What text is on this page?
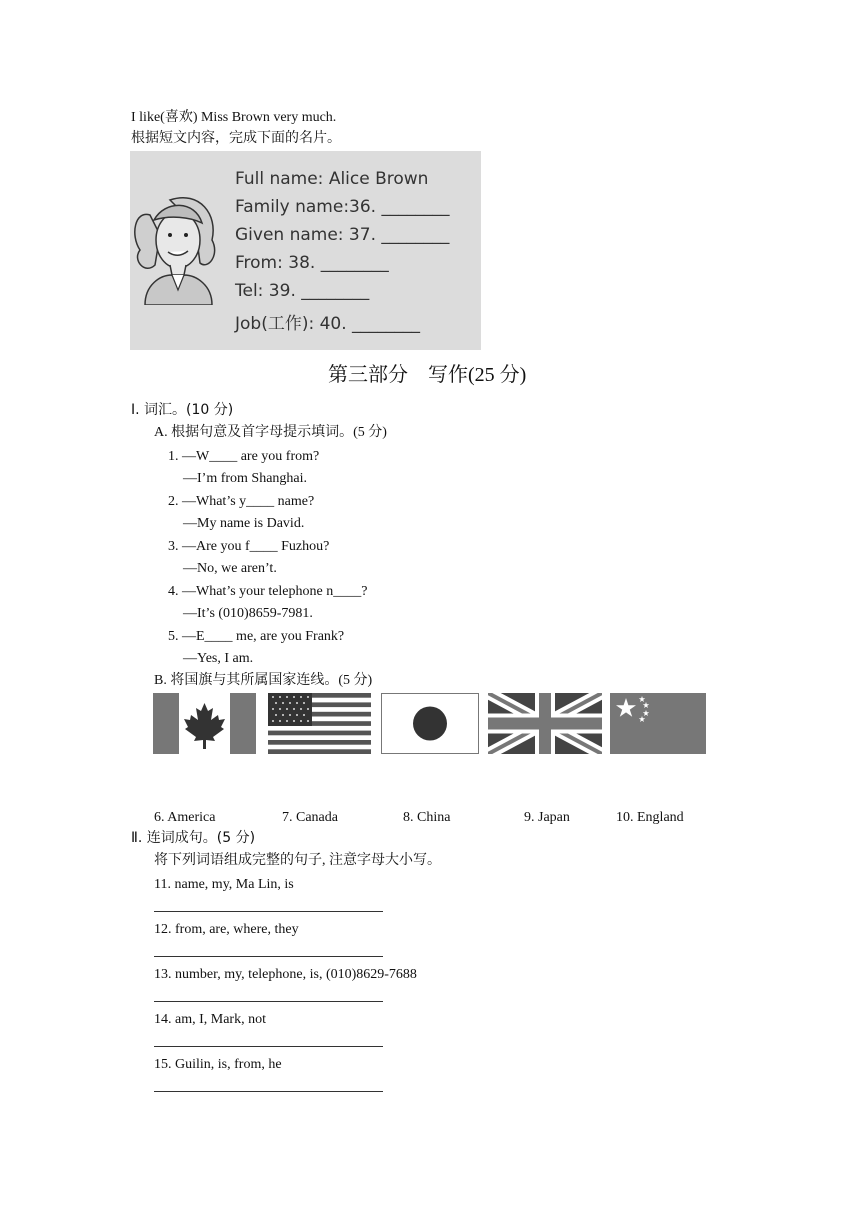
I like(喜欢) Miss Brown very much.
根据短文内容，完成下面的名片。
Full name: Alice Brown
Family name:36. ________
Given name: 37. ________
From: 38. ________
Tel: 39. ________
Job(工作): 40. ________
第三部分　写作(25 分)
Ⅰ. 词汇。(10 分)
A. 根据句意及首字母提示填词。(5 分)
1. —W____ are you from?
—I’m from Shanghai.
2. —What’s y____ name?
—My name is David.
3. —Are you f____ Fuzhou?
—No, we aren’t.
4. —What’s your telephone n____?
—It’s (010)8659-7981.
5. —E____ me, are you Frank?
—Yes, I am.
B. 将国旗与其所属国家连线。(5 分)
6. America	7. Canada	8. China	9. Japan	10. England
Ⅱ. 连词成句。(5 分)
将下列词语组成完整的句子, 注意字母大小写。
11. name, my, Ma Lin, is
12. from, are, where, they
13. number, my, telephone, is, (010)8629-7688
14. am, I, Mark, not
15. Guilin, is, from, he
